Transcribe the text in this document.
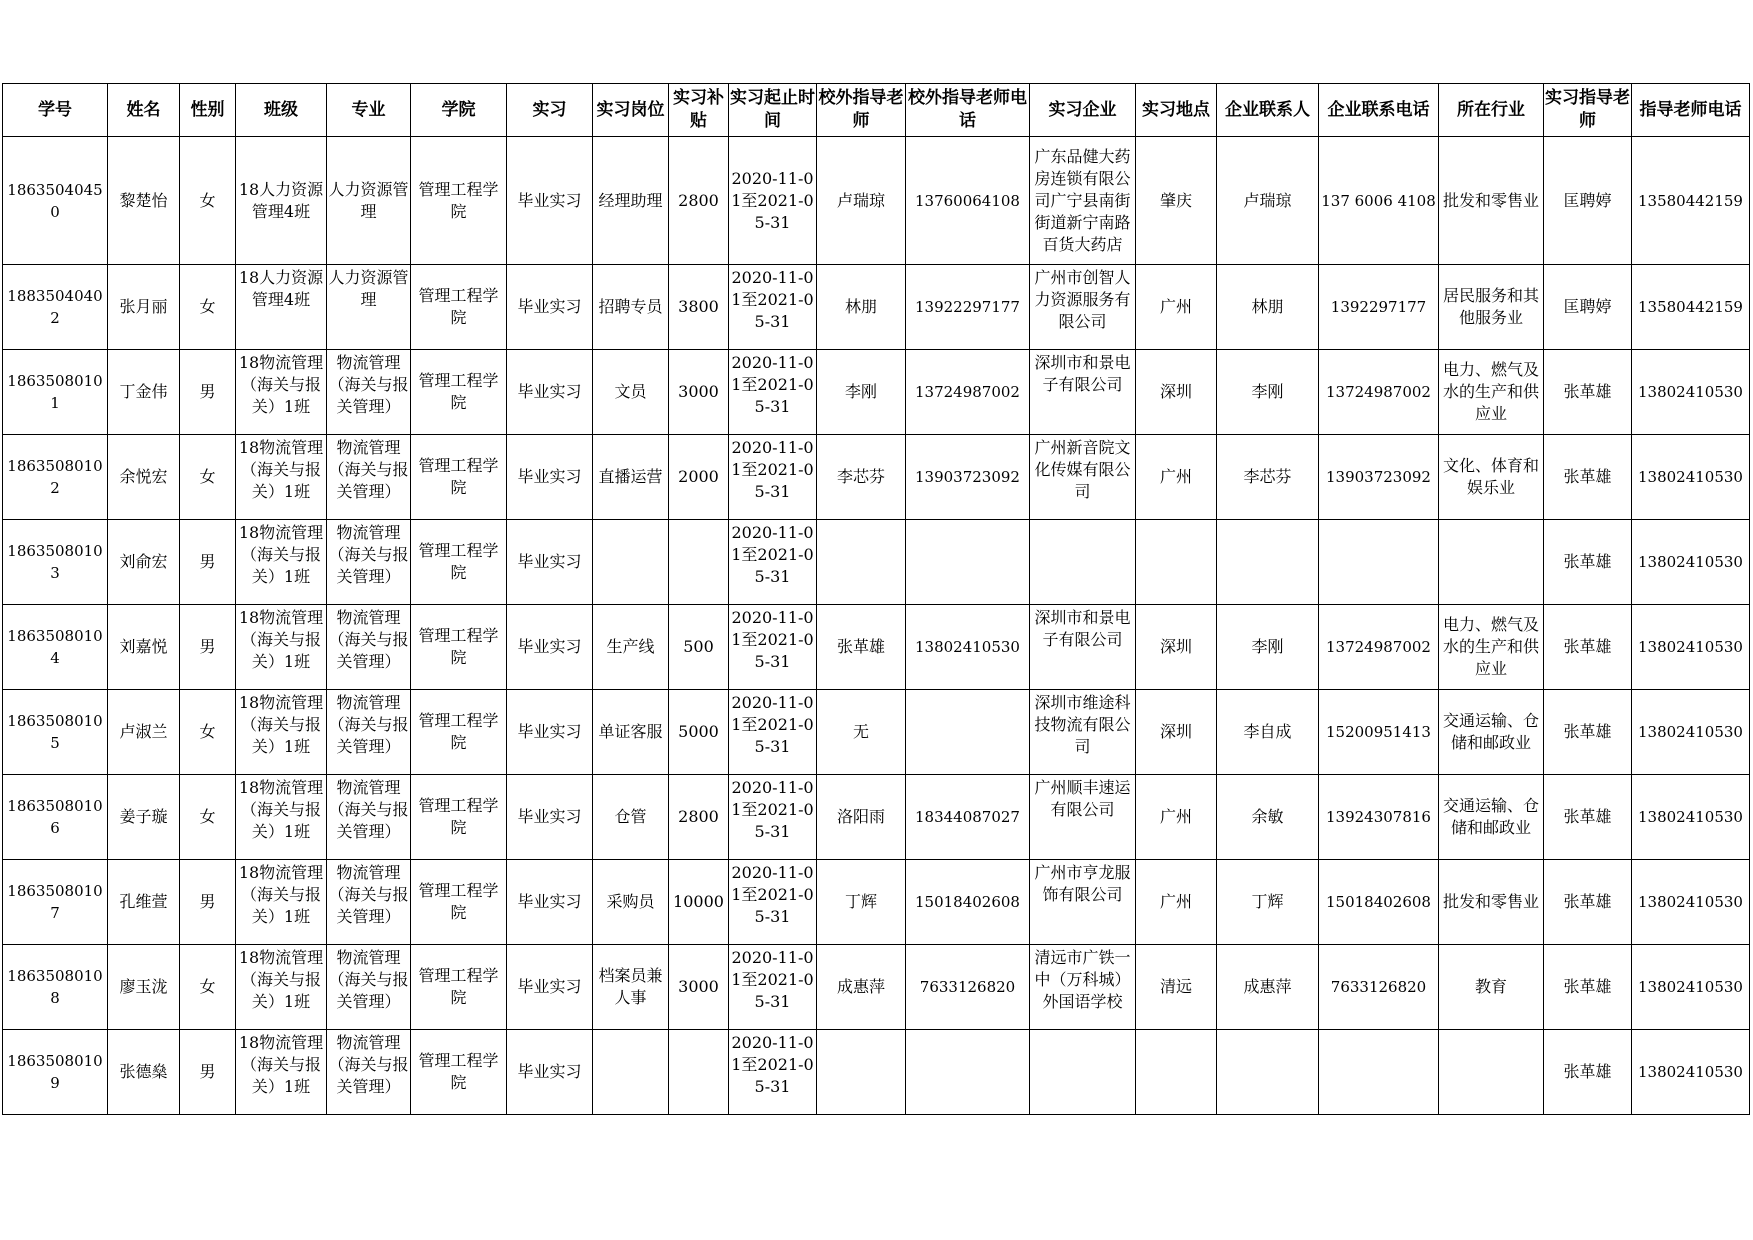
学号	姓名	性别	班级	专业	学院	实习	实习岗位	实习补贴	实习起止时间	校外指导老师	校外指导老师电话	实习企业	实习地点	企业联系人	企业联系电话	所在行业	实习指导老师	指导老师电话

18635040450	黎楚怡	女	18人力资源管理4班	人力资源管理	管理工程学院	毕业实习	经理助理	2800	2020-11-01至2021-05-31	卢瑞琼	13760064108	广东品健大药房连锁有限公司广宁县南街街道新宁南路百货大药店	肇庆	卢瑞琼	137 6006 4108	批发和零售业	匡聘婷	13580442159

18835040402	张月丽	女	18人力资源管理4班	人力资源管理	管理工程学院	毕业实习	招聘专员	3800	2020-11-01至2021-05-31	林朋	13922297177	广州市创智人力资源服务有限公司	广州	林朋	1392297177	居民服务和其他服务业	匡聘婷	13580442159

18635080101	丁金伟	男	18物流管理（海关与报关）1班	物流管理（海关与报关管理）	管理工程学院	毕业实习	文员	3000	2020-11-01至2021-05-31	李刚	13724987002	深圳市和景电子有限公司	深圳	李刚	13724987002	电力、燃气及水的生产和供应业	张革雄	13802410530

18635080102	余悦宏	女	18物流管理（海关与报关）1班	物流管理（海关与报关管理）	管理工程学院	毕业实习	直播运营	2000	2020-11-01至2021-05-31	李芯芬	13903723092	广州新音院文化传媒有限公司	广州	李芯芬	13903723092	文化、体育和娱乐业	张革雄	13802410530

18635080103	刘俞宏	男	18物流管理（海关与报关）1班	物流管理（海关与报关管理）	管理工程学院	毕业实习			2020-11-01至2021-05-31								张革雄	13802410530

18635080104	刘嘉悦	男	18物流管理（海关与报关）1班	物流管理（海关与报关管理）	管理工程学院	毕业实习	生产线	500	2020-11-01至2021-05-31	张革雄	13802410530	深圳市和景电子有限公司	深圳	李刚	13724987002	电力、燃气及水的生产和供应业	张革雄	13802410530

18635080105	卢淑兰	女	18物流管理（海关与报关）1班	物流管理（海关与报关管理）	管理工程学院	毕业实习	单证客服	5000	2020-11-01至2021-05-31	无		深圳市维途科技物流有限公司	深圳	李自成	15200951413	交通运输、仓储和邮政业	张革雄	13802410530

18635080106	姜子璇	女	18物流管理（海关与报关）1班	物流管理（海关与报关管理）	管理工程学院	毕业实习	仓管	2800	2020-11-01至2021-05-31	洛阳雨	18344087027	广州顺丰速运有限公司	广州	余敏	13924307816	交通运输、仓储和邮政业	张革雄	13802410530

18635080107	孔维萱	男	18物流管理（海关与报关）1班	物流管理（海关与报关管理）	管理工程学院	毕业实习	采购员	10000	2020-11-01至2021-05-31	丁辉	15018402608	广州市亨龙服饰有限公司	广州	丁辉	15018402608	批发和零售业	张革雄	13802410530

18635080108	廖玉泷	女	18物流管理（海关与报关）1班	物流管理（海关与报关管理）	管理工程学院	毕业实习	档案员兼人事	3000	2020-11-01至2021-05-31	成惠萍	7633126820	清远市广铁一中（万科城）外国语学校	清远	成惠萍	7633126820	教育	张革雄	13802410530

18635080109	张德燊	男	18物流管理（海关与报关）1班	物流管理（海关与报关管理）	管理工程学院	毕业实习			2020-11-01至2021-05-31								张革雄	13802410530
